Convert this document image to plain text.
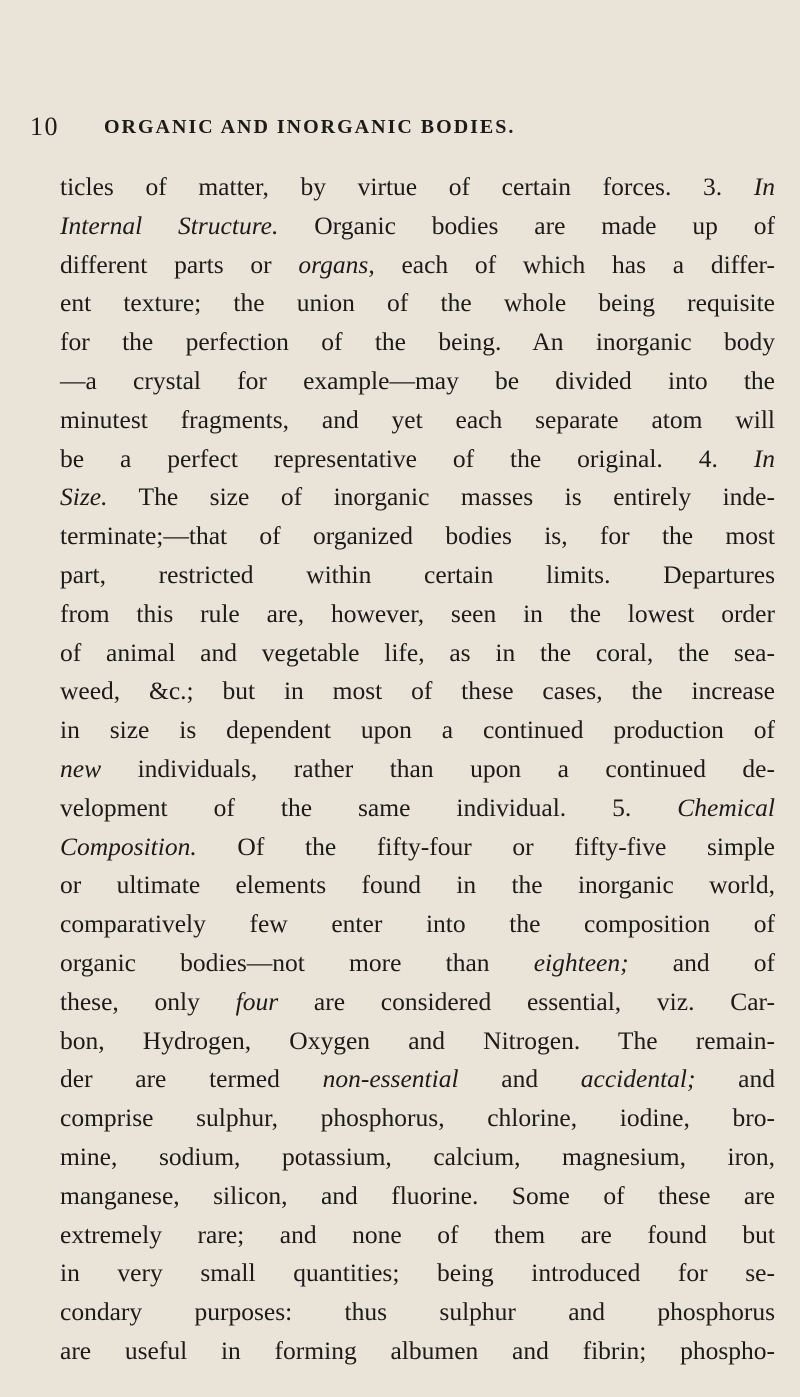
10 ORGANIC AND INORGANIC BODIES.
ticles of matter, by virtue of certain forces. 3. In
Internal Structure. Organic bodies are made up of
different parts or organs, each of which has a differ-
ent texture; the union of the whole being requisite
for the perfection of the being. An inorganic body
—a crystal for example—may be divided into the
minutest fragments, and yet each separate atom will
be a perfect representative of the original. 4. In
Size. The size of inorganic masses is entirely inde-
terminate;—that of organized bodies is, for the most
part, restricted within certain limits. Departures
from this rule are, however, seen in the lowest order
of animal and vegetable life, as in the coral, the sea-
weed, &c.; but in most of these cases, the increase
in size is dependent upon a continued production of
new individuals, rather than upon a continued de-
velopment of the same individual. 5. Chemical
Composition. Of the fifty-four or fifty-five simple
or ultimate elements found in the inorganic world,
comparatively few enter into the composition of
organic bodies—not more than eighteen; and of
these, only four are considered essential, viz. Car-
bon, Hydrogen, Oxygen and Nitrogen. The remain-
der are termed non-essential and accidental; and
comprise sulphur, phosphorus, chlorine, iodine, bro-
mine, sodium, potassium, calcium, magnesium, iron,
manganese, silicon, and fluorine. Some of these are
extremely rare; and none of them are found but
in very small quantities; being introduced for se-
condary purposes: thus sulphur and phosphorus
are useful in forming albumen and fibrin; phospho-
